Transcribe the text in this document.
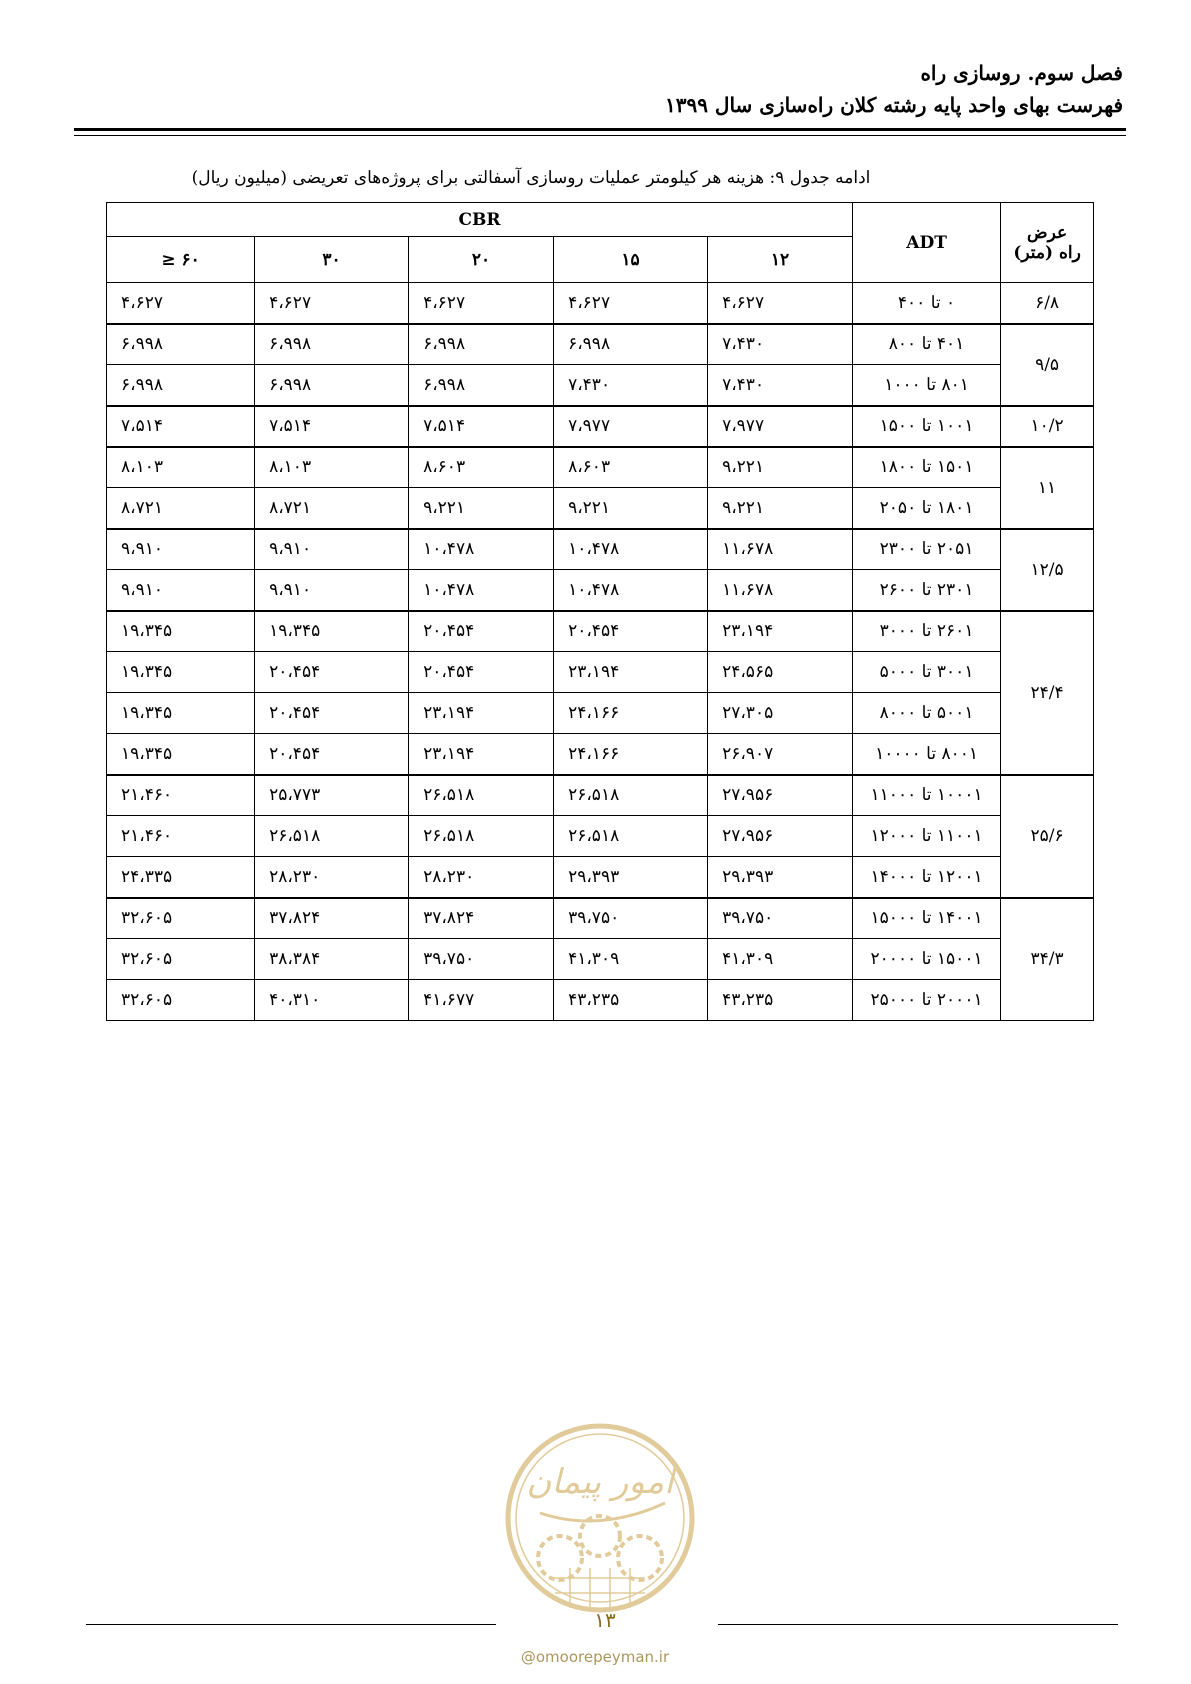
فصل سوم. روسازی راه
فهرست بهای واحد پایه رشته کلان راه‌سازی سال ۱۳۹۹
ادامه جدول ۹: هزینه هر کیلومتر عملیات روسازی آسفالتی برای پروژه‌های تعریضی (میلیون ریال)
عرض
راه (متر)	ADT	CBR				
		۱۲	۱۵	۲۰	۳۰	۶۰ ≤
۶/۸	۰ تا ۴۰۰	۴،۶۲۷	۴،۶۲۷	۴،۶۲۷	۴،۶۲۷	۴،۶۲۷
۹/۵	۴۰۱ تا ۸۰۰	۷،۴۳۰	۶،۹۹۸	۶،۹۹۸	۶،۹۹۸	۶،۹۹۸
	۸۰۱ تا ۱۰۰۰	۷،۴۳۰	۷،۴۳۰	۶،۹۹۸	۶،۹۹۸	۶،۹۹۸
۱۰/۲	۱۰۰۱ تا ۱۵۰۰	۷،۹۷۷	۷،۹۷۷	۷،۵۱۴	۷،۵۱۴	۷،۵۱۴
۱۱	۱۵۰۱ تا ۱۸۰۰	۹،۲۲۱	۸،۶۰۳	۸،۶۰۳	۸،۱۰۳	۸،۱۰۳
	۱۸۰۱ تا ۲۰۵۰	۹،۲۲۱	۹،۲۲۱	۹،۲۲۱	۸،۷۲۱	۸،۷۲۱
۱۲/۵	۲۰۵۱ تا ۲۳۰۰	۱۱،۶۷۸	۱۰،۴۷۸	۱۰،۴۷۸	۹،۹۱۰	۹،۹۱۰
	۲۳۰۱ تا ۲۶۰۰	۱۱،۶۷۸	۱۰،۴۷۸	۱۰،۴۷۸	۹،۹۱۰	۹،۹۱۰
۲۴/۴	۲۶۰۱ تا ۳۰۰۰	۲۳،۱۹۴	۲۰،۴۵۴	۲۰،۴۵۴	۱۹،۳۴۵	۱۹،۳۴۵
	۳۰۰۱ تا ۵۰۰۰	۲۴،۵۶۵	۲۳،۱۹۴	۲۰،۴۵۴	۲۰،۴۵۴	۱۹،۳۴۵
	۵۰۰۱ تا ۸۰۰۰	۲۷،۳۰۵	۲۴،۱۶۶	۲۳،۱۹۴	۲۰،۴۵۴	۱۹،۳۴۵
	۸۰۰۱ تا ۱۰۰۰۰	۲۶،۹۰۷	۲۴،۱۶۶	۲۳،۱۹۴	۲۰،۴۵۴	۱۹،۳۴۵
۲۵/۶	۱۰۰۰۱ تا ۱۱۰۰۰	۲۷،۹۵۶	۲۶،۵۱۸	۲۶،۵۱۸	۲۵،۷۷۳	۲۱،۴۶۰
	۱۱۰۰۱ تا ۱۲۰۰۰	۲۷،۹۵۶	۲۶،۵۱۸	۲۶،۵۱۸	۲۶،۵۱۸	۲۱،۴۶۰
	۱۲۰۰۱ تا ۱۴۰۰۰	۲۹،۳۹۳	۲۹،۳۹۳	۲۸،۲۳۰	۲۸،۲۳۰	۲۴،۳۳۵
۳۴/۳	۱۴۰۰۱ تا ۱۵۰۰۰	۳۹،۷۵۰	۳۹،۷۵۰	۳۷،۸۲۴	۳۷،۸۲۴	۳۲،۶۰۵
	۱۵۰۰۱ تا ۲۰۰۰۰	۴۱،۳۰۹	۴۱،۳۰۹	۳۹،۷۵۰	۳۸،۳۸۴	۳۲،۶۰۵
	۲۰۰۰۱ تا ۲۵۰۰۰	۴۳،۲۳۵	۴۳،۲۳۵	۴۱،۶۷۷	۴۰،۳۱۰	۳۲،۶۰۵
امور پیمان
۱۳
@omoorepeyman.ir
